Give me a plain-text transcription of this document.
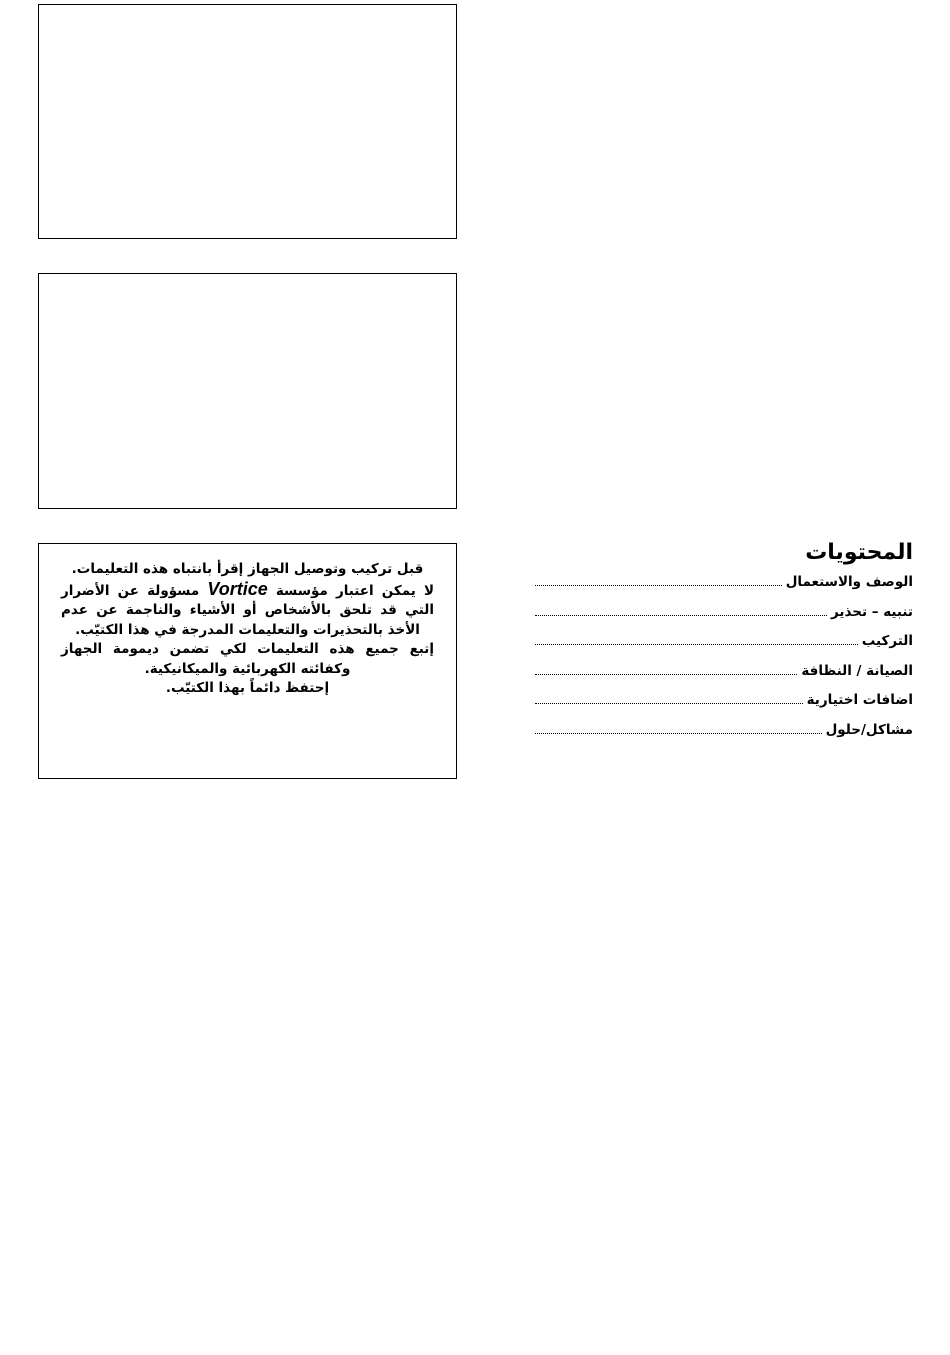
قبل تركيب وتوصيل الجهاز إقرأ بانتباه هذه التعليمات.

لا يمكن اعتبار مؤسسة Vortice مسؤولة عن الأضرار التي قد تلحق بالأشخاص أو الأشياء والناجمة عن عدم الأخذ بالتحذيرات والتعليمات المدرجة في هذا الكتيّب.

إتبع جميع هذه التعليمات لكي تضمن ديمومة الجهاز وكفائته الكهربائية والميكانيكية.

إحتفظ دائماً بهذا الكتيّب.

المحتويات
الوصف والاستعمال
تنبيه – تحذير
التركيب
الصيانة / النظافة
اضافات اختيارية
مشاكل/حلول
